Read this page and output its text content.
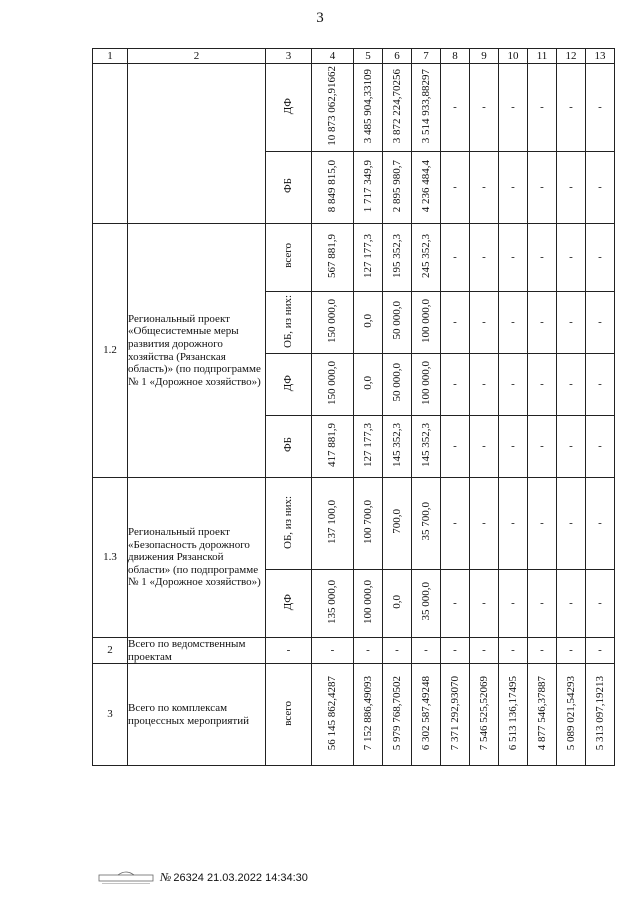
3
1	2	3	4	5	6	7	8	9	10	11	12	13
		ДФ	10 873 062,91662	3 485 904,33109	3 872 224,70256	3 514 933,88297	-	-	-	-	-	-
		ФБ	8 849 815,0	1 717 349,9	2 895 980,7	4 236 484,4	-	-	-	-	-	-
1.2	Региональный проект «Общесистемные меры развития дорожного хозяйства (Рязанская область)» (по подпрограмме № 1 «Дорожное хозяйство»)	всего	567 881,9	127 177,3	195 352,3	245 352,3	-	-	-	-	-	-
		ОБ, из них:	150 000,0	0,0	50 000,0	100 000,0	-	-	-	-	-	-
		ДФ	150 000,0	0,0	50 000,0	100 000,0	-	-	-	-	-	-
		ФБ	417 881,9	127 177,3	145 352,3	145 352,3	-	-	-	-	-	-
1.3	Региональный проект «Безопасность дорожного движения Рязанской области» (по подпрограмме № 1 «Дорожное хозяйство»)	ОБ, из них:	137 100,0	100 700,0	700,0	35 700,0	-	-	-	-	-	-
		ДФ	135 000,0	100 000,0	0,0	35 000,0	-	-	-	-	-	-
2	Всего по ведомственным проектам	-	-	-	-	-	-	-	-	-	-	-
3	Всего по комплексам процессных мероприятий	всего	56 145 862,4287	7 152 886,49093	5 979 768,70502	6 302 587,49248	7 371 292,93070	7 546 525,52069	6 513 136,17495	4 877 546,37887	5 089 021,54293	5 313 097,19213
№ 26324 21.03.2022 14:34:30
